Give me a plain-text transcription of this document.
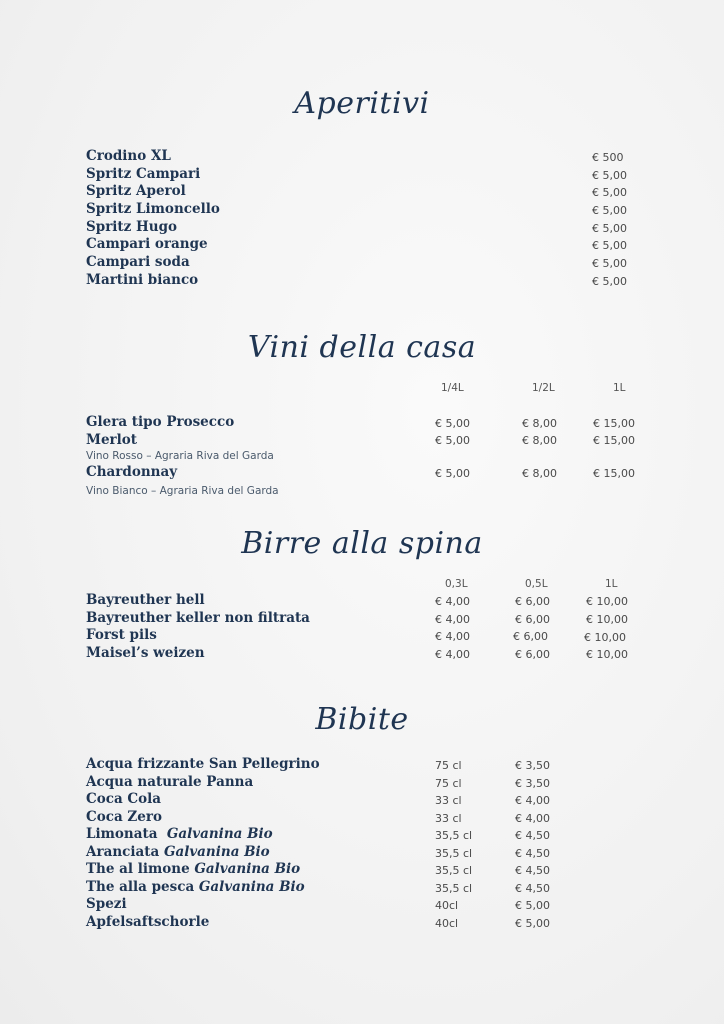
Aperitivi
Crodino XL	€ 500
Spritz Campari	€ 5,00
Spritz Aperol	€ 5,00
Spritz Limoncello	€ 5,00
Spritz Hugo	€ 5,00
Campari orange	€ 5,00
Campari soda	€ 5,00
Martini bianco	€ 5,00
Vini della casa
1/4L	1/2L	1L
Glera tipo Prosecco	€ 5,00	€ 8,00	€ 15,00
Merlot	€ 5,00	€ 8,00	€ 15,00
Vino Rosso – Agraria Riva del Garda
Chardonnay	€ 5,00	€ 8,00	€ 15,00
Vino Bianco – Agraria Riva del Garda
Birre alla spina
0,3L	0,5L	1L
Bayreuther hell	€ 4,00	€ 6,00	€ 10,00
Bayreuther keller non filtrata	€ 4,00	€ 6,00	€ 10,00
Forst pils	€ 4,00	€ 6,00	€ 10,00
Maisel’s weizen	€ 4,00	€ 6,00	€ 10,00
Bibite
Acqua frizzante San Pellegrino	75 cl	€ 3,50
Acqua naturale Panna	75 cl	€ 3,50
Coca Cola	33 cl	€ 4,00
Coca Zero	33 cl	€ 4,00
Limonata Galvanina Bio	35,5 cl	€ 4,50
Aranciata Galvanina Bio	35,5 cl	€ 4,50
The al limone Galvanina Bio	35,5 cl	€ 4,50
The alla pesca Galvanina Bio	35,5 cl	€ 4,50
Spezi	40cl	€ 5,00
Apfelsaftschorle	40cl	€ 5,00
